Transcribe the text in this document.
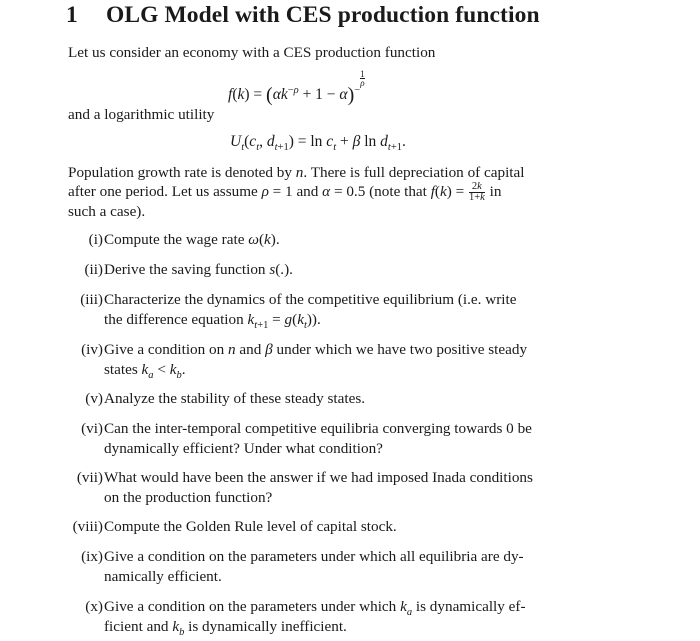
1 OLG Model with CES production function
Let us consider an economy with a CES production function
$f(k) = (\alpha k^{-\rho} + 1 - \alpha)^{- \frac{1}{\rho}}$
and a logarithmic utility
$U_t(c_t$, $d_{t+1}) = \ln c_t + \beta$ $\ln d_{t+1}$.
Population growth rate is denoted by n. There is full depreciation of capital
after one period. Let us assume ρ = 1 and α = 0.5 (note that $f(k) = \frac{2k}{1+k}$ in
such a case).
(i) Compute the wage rate ω(k).
(ii) Derive the saving function s(.).
(iii) Characterize the dynamics of the competitive equilibrium (i.e. write
the difference equation $k_{t+1} = g(k_t)$).
(iv) Give a condition on n and β under which we have two positive steady
states $k_a < k_b$.
(v) Analyze the stability of these steady states.
(vi) Can the inter-temporal competitive equilibria converging towards 0 be
dynamically efficient? Under what condition?
(vii) What would have been the answer if we had imposed Inada conditions
on the production function?
(viii) Compute the Golden Rule level of capital stock.
(ix) Give a condition on the parameters under which all equilibria are dy-
namically efficient.
(x) Give a condition on the parameters under which $k_a$ is dynamically ef-
ficient and $k_b$ is dynamically inefficient.
